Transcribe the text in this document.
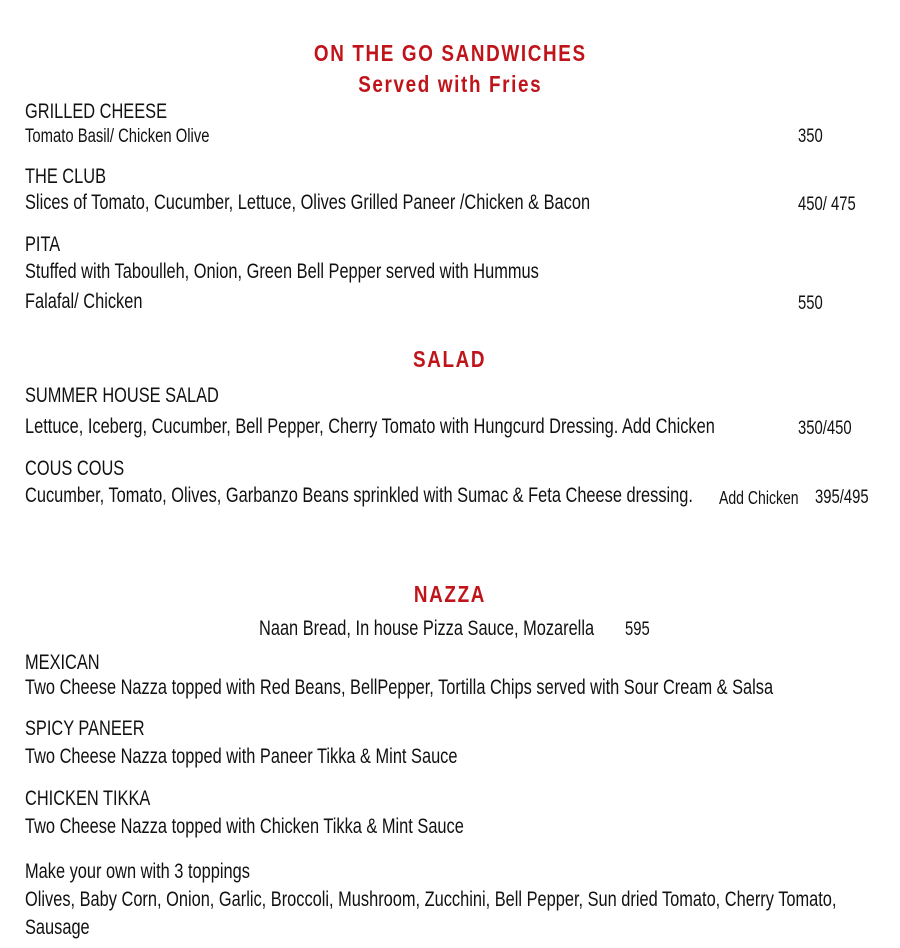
ON THE GO SANDWICHES
Served with Fries
GRILLED CHEESE
Tomato Basil/ Chicken Olive	350
THE CLUB
Slices of Tomato, Cucumber, Lettuce, Olives Grilled Paneer /Chicken & Bacon	450/ 475
PITA
Stuffed with Taboulleh, Onion, Green Bell Pepper served with Hummus
Falafal/ Chicken	550
SALAD
SUMMER HOUSE SALAD
Lettuce, Iceberg, Cucumber, Bell Pepper, Cherry Tomato with Hungcurd Dressing. Add Chicken	350/450
COUS COUS
Cucumber, Tomato, Olives, Garbanzo Beans sprinkled with Sumac & Feta Cheese dressing. Add Chicken 395/495
NAZZA
Naan Bread, In house Pizza Sauce, Mozarella 595
MEXICAN
Two Cheese Nazza topped with Red Beans, BellPepper, Tortilla Chips served with Sour Cream & Salsa
SPICY PANEER
Two Cheese Nazza topped with Paneer Tikka & Mint Sauce
CHICKEN TIKKA
Two Cheese Nazza topped with Chicken Tikka & Mint Sauce
Make your own with 3 toppings
Olives, Baby Corn, Onion, Garlic, Broccoli, Mushroom, Zucchini, Bell Pepper, Sun dried Tomato, Cherry Tomato,
Sausage
